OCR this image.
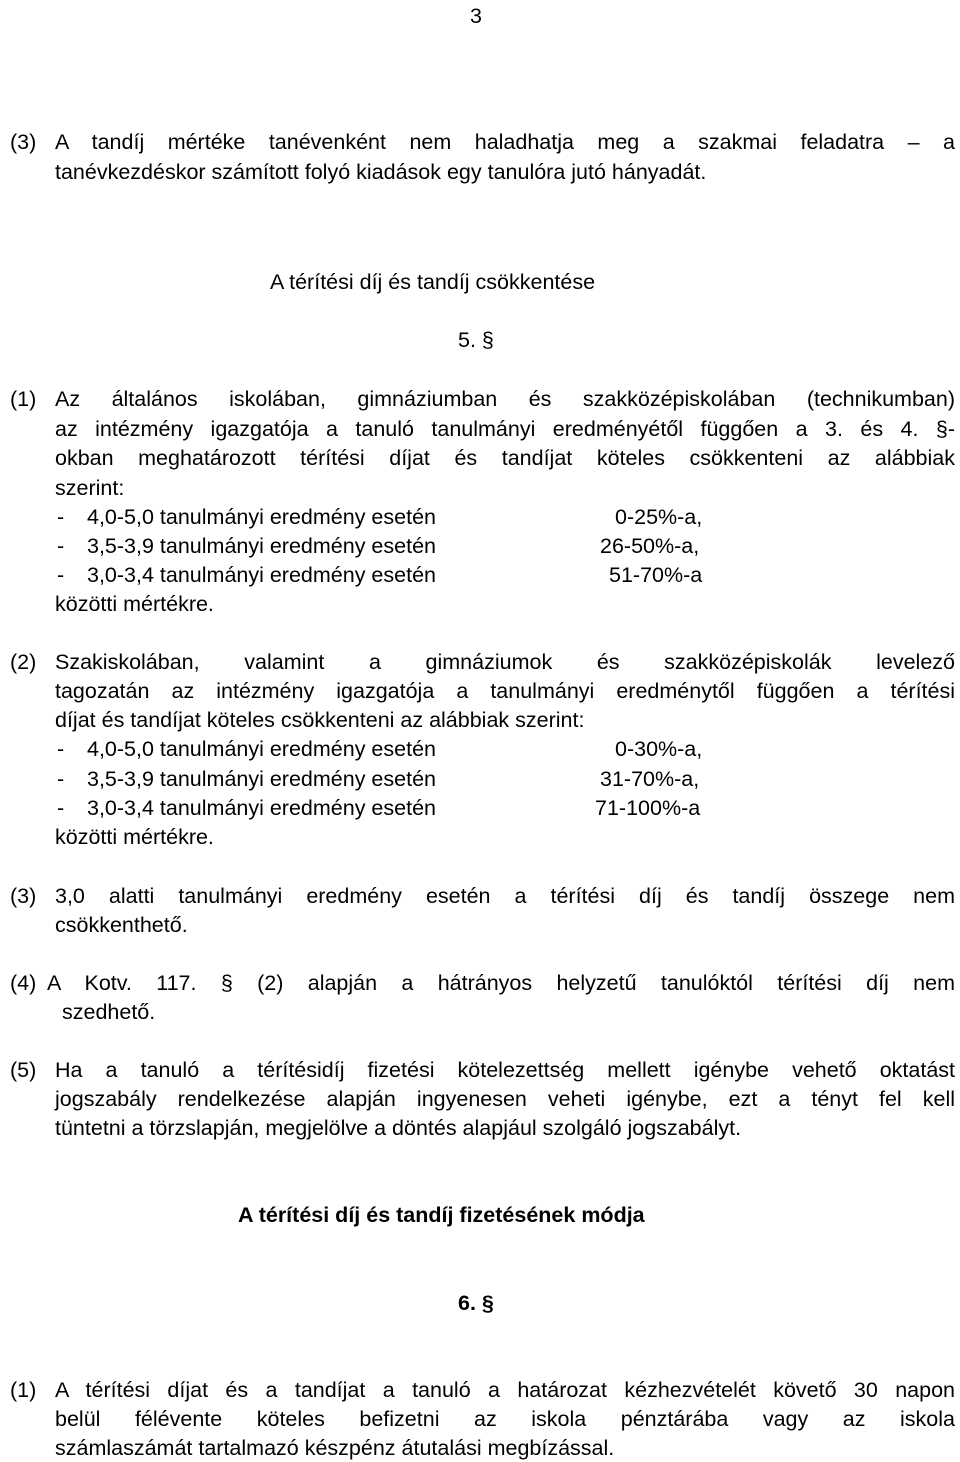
3
(3) A tandíj mértéke tanévenként nem haladhatja meg a szakmai feladatra – a
tanévkezdéskor számított folyó kiadások egy tanulóra jutó hányadát.
A térítési díj és tandíj csökkentése
5. §
(1) Az általános iskolában, gimnáziumban és szakközépiskolában (technikumban)
az intézmény igazgatója a tanuló tanulmányi eredményétől függően a 3. és 4. §-
okban meghatározott térítési díjat és tandíjat köteles csökkenteni az alábbiak
szerint:
- 4,0-5,0 tanulmányi eredmény esetén	0-25%-a,
- 3,5-3,9 tanulmányi eredmény esetén	26-50%-a,
- 3,0-3,4 tanulmányi eredmény esetén	51-70%-a
közötti mértékre.
(2) Szakiskolában, valamint a gimnáziumok és szakközépiskolák levelező
tagozatán az intézmény igazgatója a tanulmányi eredménytől függően a térítési
díjat és tandíjat köteles csökkenteni az alábbiak szerint:
- 4,0-5,0 tanulmányi eredmény esetén	0-30%-a,
- 3,5-3,9 tanulmányi eredmény esetén	31-70%-a,
- 3,0-3,4 tanulmányi eredmény esetén	71-100%-a
közötti mértékre.
(3) 3,0 alatti tanulmányi eredmény esetén a térítési díj és tandíj összege nem
csökkenthető.
(4) A Kotv. 117. § (2) alapján a hátrányos helyzetű tanulóktól térítési díj nem
szedhető.
(5) Ha a tanuló a térítésidíj fizetési kötelezettség mellett igénybe vehető oktatást
jogszabály rendelkezése alapján ingyenesen veheti igénybe, ezt a tényt fel kell
tüntetni a törzslapján, megjelölve a döntés alapjául szolgáló jogszabályt.
A térítési díj és tandíj fizetésének módja
6. §
(1) A térítési díjat és a tandíjat a tanuló a határozat kézhezvételét követő 30 napon
belül félévente köteles befizetni az iskola pénztárába vagy az iskola
számlaszámát tartalmazó készpénz átutalási megbízással.
